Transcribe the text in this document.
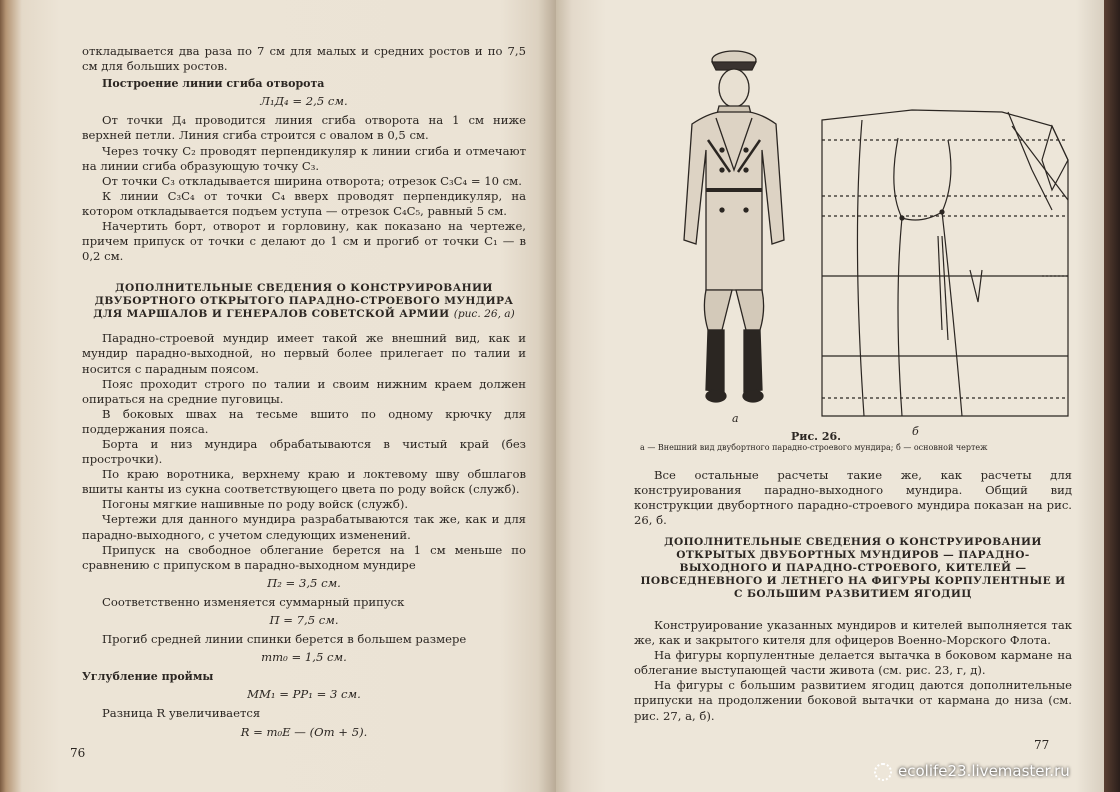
откладывается два раза по 7 см для малых и средних ростов и по 7,5 см для больших ростов.

Построение линии сгиба отворота
Л₁Д₄ = 2,5 см.

От точки Д₄ проводится линия сгиба отворота на 1 см ниже верхней петли. Линия сгиба строится с овалом в 0,5 см.

Через точку С₂ проводят перпендикуляр к линии сгиба и отмечают на линии сгиба образующую точку С₃.

От точки С₃ откладывается ширина отворота; отрезок С₃С₄ = 10 см.

К линии С₃С₄ от точки С₄ вверх проводят перпендикуляр, на котором откладывается подъем уступа — отрезок С₄С₅, равный 5 см.

Начертить борт, отворот и горловину, как показано на чертеже, причем припуск от точки с делают до 1 см и прогиб от точки С₁ — в 0,2 см.

ДОПОЛНИТЕЛЬНЫЕ СВЕДЕНИЯ О КОНСТРУИРОВАНИИ ДВУБОРТНОГО ОТКРЫТОГО ПАРАДНО-СТРОЕВОГО МУНДИРА ДЛЯ МАРШАЛОВ И ГЕНЕРАЛОВ СОВЕТСКОЙ АРМИИ (рис. 26, а)

Парадно-строевой мундир имеет такой же внешний вид, как и мундир парадно-выходной, но первый более прилегает по талии и носится с парадным поясом.

Пояс проходит строго по талии и своим нижним краем должен опираться на средние пуговицы.

В боковых швах на тесьме вшито по одному крючку для поддержания пояса.

Борта и низ мундира обрабатываются в чистый край (без прострочки).

По краю воротника, верхнему краю и локтевому шву обшлагов вшиты канты из сукна соответствующего цвета по роду войск (служб).

Погоны мягкие нашивные по роду войск (служб).

Чертежи для данного мундира разрабатываются так же, как и для парадно-выходного, с учетом следующих изменений.

Припуск на свободное облегание берется на 1 см меньше по сравнению с припуском в парадно-выходном мундире

П₂ = 3,5 см.

Соответственно изменяется суммарный припуск

П = 7,5 см.

Прогиб средней линии спинки берется в большем размере

тт₀ = 1,5 см.
Углубление проймы
ММ₁ = РР₁ = 3 см.

Разница R увеличивается

R = т₀Е — (От + 5).
76
а
б
Рис. 26.
а — Внешний вид двубортного парадно-строевого мундира; б — основной чертеж

Все остальные расчеты такие же, как расчеты для конструирования парадно-выходного мундира. Общий вид конструкции двубортного парадно-строевого мундира показан на рис. 26, б.

ДОПОЛНИТЕЛЬНЫЕ СВЕДЕНИЯ О КОНСТРУИРОВАНИИ ОТКРЫТЫХ ДВУБОРТНЫХ МУНДИРОВ — ПАРАДНО-ВЫХОДНОГО И ПАРАДНО-СТРОЕВОГО, КИТЕЛЕЙ — ПОВСЕДНЕВНОГО И ЛЕТНЕГО НА ФИГУРЫ КОРПУЛЕНТНЫЕ И С БОЛЬШИМ РАЗВИТИЕМ ЯГОДИЦ

Конструирование указанных мундиров и кителей выполняется так же, как и закрытого кителя для офицеров Военно-Морского Флота.

На фигуры корпулентные делается вытачка в боковом кармане на облегание выступающей части живота (см. рис. 23, г, д).

На фигуры с большим развитием ягодиц даются дополнительные припуски на продолжении боковой вытачки от кармана до низа (см. рис. 27, а, б).

77
ecolife23.livemaster.ru
